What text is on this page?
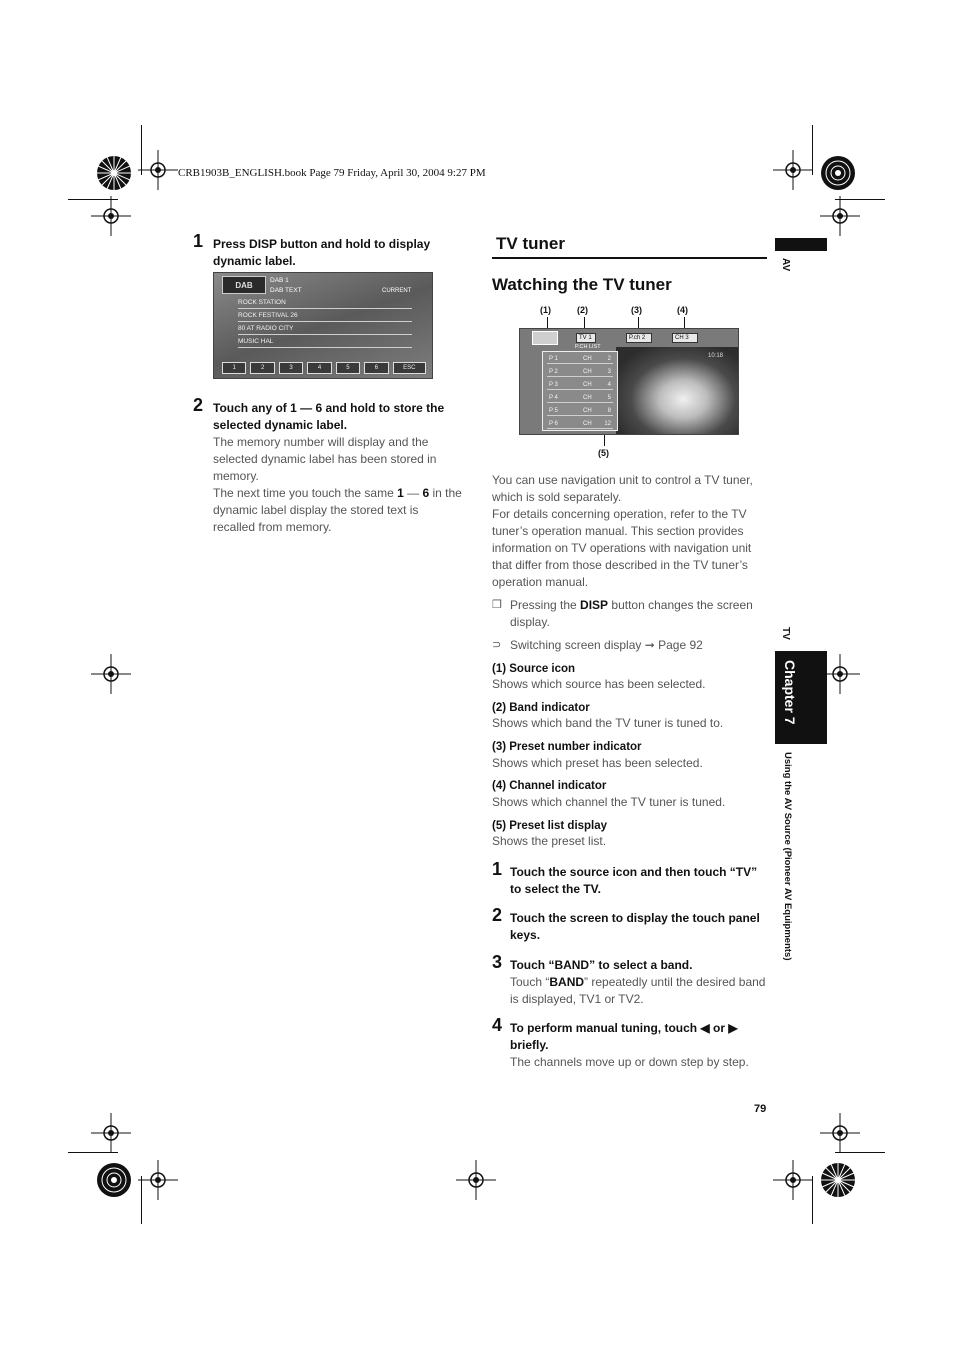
CRB1903B_ENGLISH.book Page 79 Friday, April 30, 2004 9:27 PM
1 Press DISP button and hold to display dynamic label.
DAB
DAB 1
DAB TEXT	CURRENT
ROCK STATION
ROCK FESTIVAL 26
80 AT RADIO CITY
MUSIC HAL
1	2	3	4	5	6	ESC
2 Touch any of 1 — 6 and hold to store the selected dynamic label.
The memory number will display and the selected dynamic label has been stored in memory.
The next time you touch the same 1 — 6 in the dynamic label display the stored text is recalled from memory.
TV tuner
Watching the TV tuner
(1)	(2)	(3)	(4)
(5)
TV 1
P.CH LIST
P.ch 2	CH 3
10:18
P 1	CH	2
P 2	CH	3
P 3	CH	4
P 4	CH	5
P 5	CH	8
P 6	CH 12
You can use navigation unit to control a TV tuner, which is sold separately.
For details concerning operation, refer to the TV tuner’s operation manual. This section provides information on TV operations with navigation unit that differ from those described in the TV tuner’s operation manual.
❒ Pressing the DISP button changes the screen display.
⊃ Switching screen display ➞ Page 92
(1) Source icon
Shows which source has been selected.
(2) Band indicator
Shows which band the TV tuner is tuned to.
(3) Preset number indicator
Shows which preset has been selected.
(4) Channel indicator
Shows which channel the TV tuner is tuned.
(5) Preset list display
Shows the preset list.
1 Touch the source icon and then touch “TV” to select the TV.
2 Touch the screen to display the touch panel keys.
3 Touch “BAND” to select a band.
Touch “BAND” repeatedly until the desired band is displayed, TV1 or TV2.
4 To perform manual tuning, touch ◀ or ▶ briefly.
The channels move up or down step by step.
79
AV
TV
Chapter 7
Using the AV Source (Pioneer AV Equipments)
